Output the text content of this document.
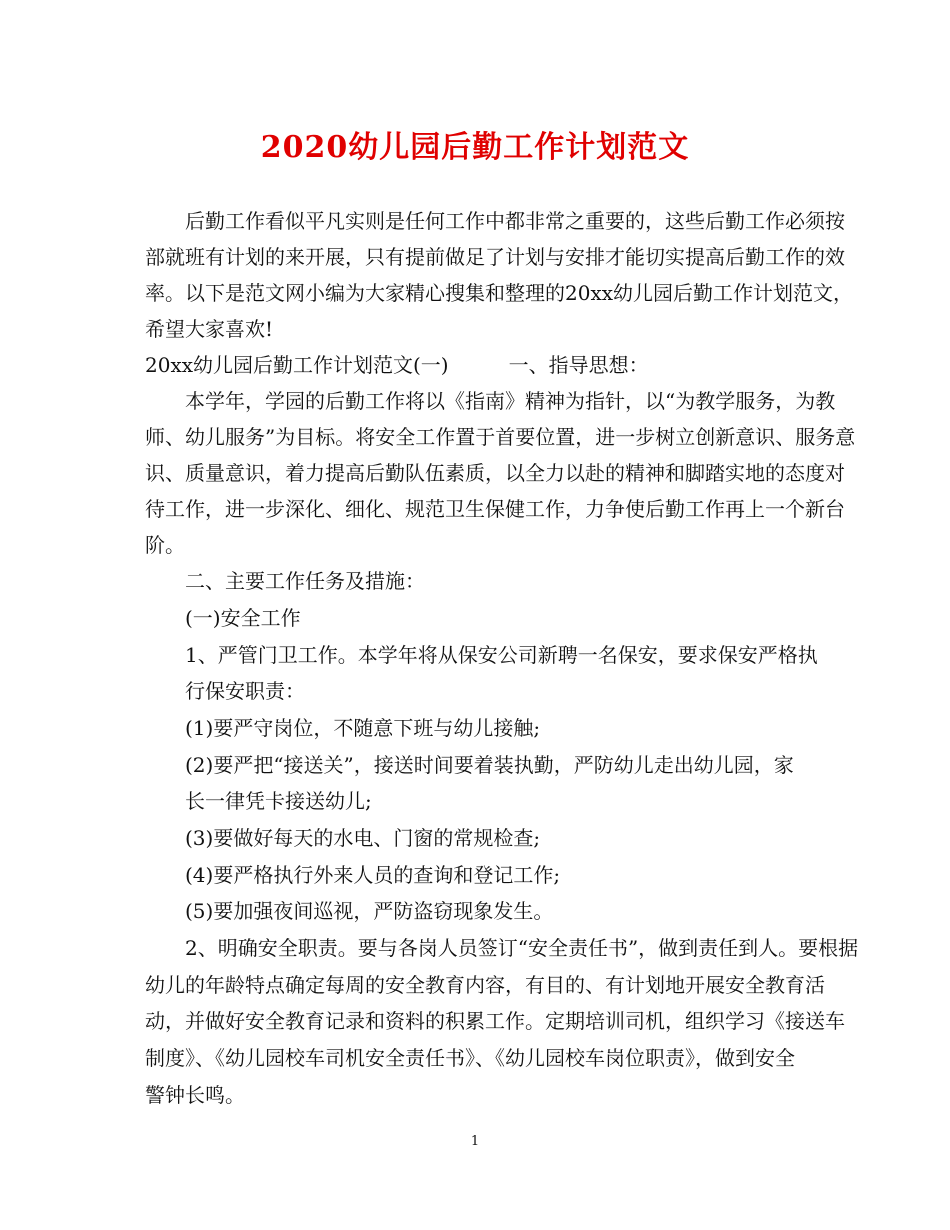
2020幼儿园后勤工作计划范文
　　后勤工作看似平凡实则是任何工作中都非常之重要的，这些后勤工作必须按
部就班有计划的来开展，只有提前做足了计划与安排才能切实提高后勤工作的效
率。以下是范文网小编为大家精心搜集和整理的20xx幼儿园后勤工作计划范文，
希望大家喜欢!
20xx幼儿园后勤工作计划范文(一)　　　一、指导思想：
　　本学年，学园的后勤工作将以《指南》精神为指针，以“为教学服务，为教
师、幼儿服务”为目标。将安全工作置于首要位置，进一步树立创新意识、服务意
识、质量意识，着力提高后勤队伍素质，以全力以赴的精神和脚踏实地的态度对
待工作，进一步深化、细化、规范卫生保健工作，力争使后勤工作再上一个新台
阶。
　　二、主要工作任务及措施：
　　(一)安全工作
　　1、严管门卫工作。本学年将从保安公司新聘一名保安，要求保安严格执
　　行保安职责：
　　(1)要严守岗位，不随意下班与幼儿接触;
　　(2)要严把“接送关”，接送时间要着装执勤，严防幼儿走出幼儿园，家
　　长一律凭卡接送幼儿;
　　(3)要做好每天的水电、门窗的常规检查;
　　(4)要严格执行外来人员的查询和登记工作;
　　(5)要加强夜间巡视，严防盗窃现象发生。
　　2、明确安全职责。要与各岗人员签订“安全责任书”，做到责任到人。要根据
幼儿的年龄特点确定每周的安全教育内容，有目的、有计划地开展安全教育活
动，并做好安全教育记录和资料的积累工作。定期培训司机，组织学习《接送车
制度》、《幼儿园校车司机安全责任书》、《幼儿园校车岗位职责》，做到安全
警钟长鸣。
1
